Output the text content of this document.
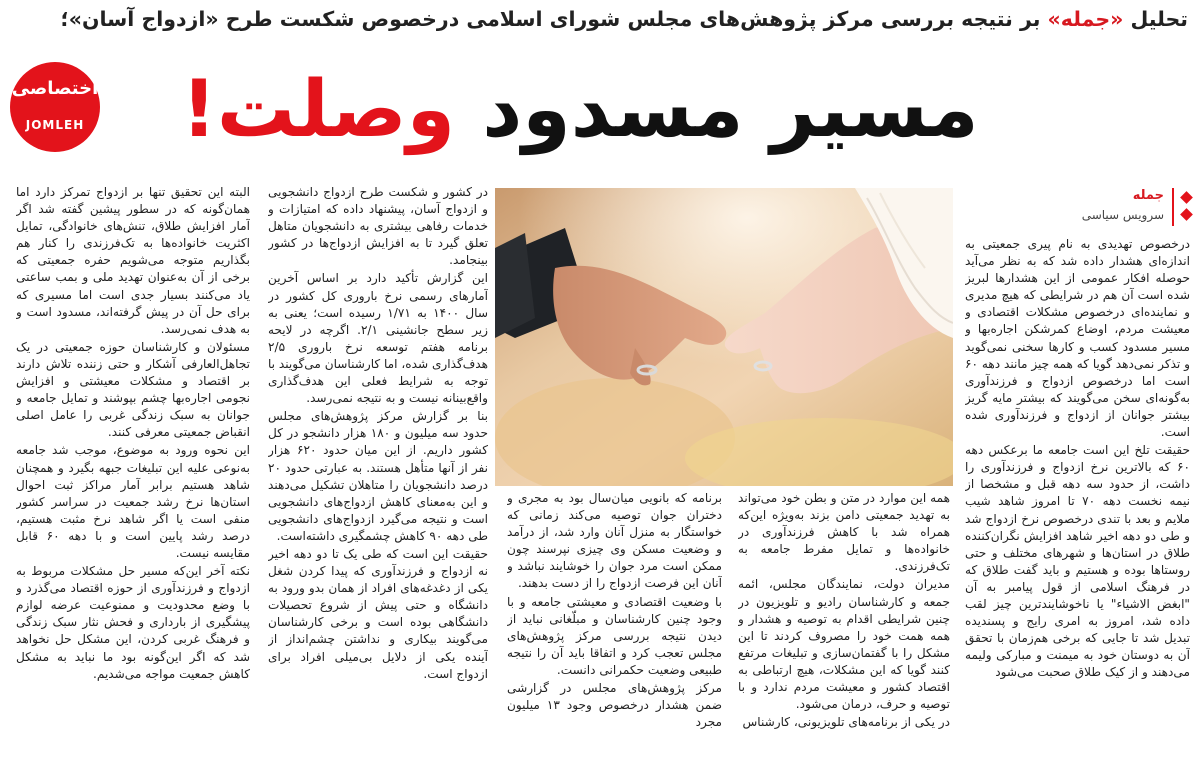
تحلیل «جمله» بر نتیجه بررسی مرکز پژوهش‌های مجلس شورای اسلامی درخصوص شکست طرح «ازدواج آسان»؛
مسیر مسدود وصلت!
اختصاصی
JOMLEH
جمله
سرویس سیاسی

درخصوص تهدیدی به نام پیری جمعیتی به اندازه‌ای هشدار داده شد که به نظر می‌آید حوصله افکار عمومی از این هشدارها لبریز شده است آن هم در شرایطی که هیچ مدیری و نماینده‌ای درخصوص مشکلات اقتصادی و معیشت مردم، اوضاع کمرشکن اجاره‌بها و مسیر مسدود کسب و کارها سخنی نمی‌گوید و تذکر نمی‌دهد گویا که همه چیز مانند دهه ۶۰ است اما درخصوص ازدواج و فرزندآوری به‌گونه‌ای سخن می‌گویند که بیشتر مایه گریز بیشتر جوانان از ازدواج و فرزندآوری شده است.

حقیقت تلخ این است جامعه ما برعکس دهه ۶۰ که بالاترین نرخ ازدواج و فرزندآوری را داشت، از حدود سه دهه قبل و مشخصا از نیمه نخست دهه ۷۰ تا امروز شاهد شیب ملایم و بعد با تندی درخصوص نرخ ازدواج شد و طی دو دهه اخیر شاهد افزایش نگران‌کننده طلاق در استان‌ها و شهرهای مختلف و حتی روستاها بوده و هستیم و باید گفت طلاق که در فرهنگ اسلامی از قول پیامبر به آن "ابغض الاشیاء" یا ناخوشایندترین چیز لقب داده شد، امروز به امری رایج و پسندیده تبدیل شد تا جایی که برخی هم‌زمان با تحقق آن به دوستان خود به میمنت و مبارکی ولیمه می‌دهند و از کیک طلاق صحبت می‌شود

همه این موارد در متن و بطن خود می‌تواند به تهدید جمعیتی دامن بزند به‌ویژه این‌که همراه شد با کاهش فرزندآوری در خانواده‌ها و تمایل مفرط جامعه به تک‌فرزندی.

مدیران دولت، نمایندگان مجلس، ائمه جمعه و کارشناسان رادیو و تلویزیون در چنین شرایطی اقدام به توصیه و هشدار و همه همت خود را مصروف کردند تا این مشکل را با گفتمان‌سازی و تبلیغات مرتفع کنند گویا که این مشکلات، هیچ ارتباطی به اقتصاد کشور و معیشت مردم ندارد و با توصیه و حرف، درمان می‌شود.

در یکی از برنامه‌های تلویزیونی، کارشناس

برنامه که بانویی میان‌سال بود به مجری و دختران جوان توصیه می‌کند زمانی که خواستگار به منزل آنان وارد شد، از درآمد و وضعیت مسکن وی چیزی نپرسند چون ممکن است مرد جوان را خوشایند نباشد و آنان این فرصت ازدواج را از دست بدهند.

با وضعیت اقتصادی و معیشتی جامعه و با وجود چنین کارشناسان و مبلّغانی نباید از دیدن نتیجه بررسی مرکز پژوهش‌های مجلس تعجب کرد و اتفاقا باید آن را نتیجه طبیعی وضعیت حکمرانی دانست.

مرکز پژوهش‌های مجلس در گزارشی ضمن هشدار درخصوص وجود ۱۳ میلیون مجرد

در کشور و شکست طرح ازدواج دانشجویی و ازدواج آسان، پیشنهاد داده که امتیازات و خدمات رفاهی بیشتری به دانشجویان متاهل تعلق گیرد تا به افزایش ازدواج‌ها در کشور بینجامد.

این گزارش تأکید دارد بر اساس آخرین آمارهای رسمی نرخ باروری کل کشور در سال ۱۴۰۰ به ۱/۷۱ رسیده است؛ یعنی به زیر سطح جانشینی ۲/۱. اگرچه در لایحه برنامه هفتم توسعه نرخ باروری ۲/۵ هدف‌گذاری شده، اما کارشناسان می‌گویند با توجه به شرایط فعلی این هدف‌گذاری واقع‌بینانه نیست و به نتیجه نمی‌رسد.

بنا بر گزارش مرکز پژوهش‌های مجلس حدود سه میلیون و ۱۸۰ هزار دانشجو در کل کشور داریم. از این میان حدود ۶۲۰ هزار نفر از آنها متأهل هستند. به عبارتی حدود ۲۰ درصد دانشجویان را متاهلان تشکیل می‌دهند و این به‌معنای کاهش ازدواج‌های دانشجویی است و نتیجه می‌گیرد ازدواج‌های دانشجویی طی دهه ۹۰ کاهش چشمگیری داشته‌است.

حقیقت این است که طی یک تا دو دهه اخیر نه ازدواج و فرزندآوری که پیدا کردن شغل یکی از دغدغه‌های افراد از همان بدو ورود به دانشگاه و حتی پیش از شروع تحصیلات دانشگاهی بوده است و برخی کارشناسان می‌گویند بیکاری و نداشتن چشم‌انداز از آینده یکی از دلایل بی‌میلی افراد برای ازدواج است.

البته این تحقیق تنها بر ازدواج تمرکز دارد اما همان‌گونه که در سطور پیشین گفته شد اگر آمار افزایش طلاق، تنش‌های خانوادگی، تمایل اکثریت خانواده‌ها به تک‌فرزندی را کنار هم بگذاریم متوجه می‌شویم حفره جمعیتی که برخی از آن به‌عنوان تهدید ملی و بمب ساعتی یاد می‌کنند بسیار جدی است اما مسیری که برای حل آن در پیش گرفته‌اند، مسدود است و به هدف نمی‌رسد.

مسئولان و کارشناسان حوزه جمعیتی در یک تجاهل‌العارفی آشکار و حتی زننده تلاش دارند بر اقتصاد و مشکلات معیشتی و افزایش نجومی اجاره‌بها چشم بپوشند و تمایل جامعه و جوانان به سبک زندگی غربی را عامل اصلی انقباض جمعیتی معرفی کنند.

این نحوه ورود به موضوع، موجب شد جامعه به‌نوعی علیه این تبلیغات جبهه بگیرد و همچنان شاهد هستیم برابر آمار مراکز ثبت احوال استان‌ها نرخ رشد جمعیت در سراسر کشور منفی است یا اگر شاهد نرخ مثبت هستیم، درصد رشد پایین است و با دهه ۶۰ قابل مقایسه نیست.

نکته آخر این‌که مسیر حل مشکلات مربوط به ازدواج و فرزندآوری از حوزه اقتصاد می‌گذرد و با وضع محدودیت و ممنوعیت عرضه لوازم پیشگیری از بارداری و فحش نثار سبک زندگی و فرهنگ غربی کردن، این مشکل حل نخواهد شد که اگر این‌گونه بود ما نباید به مشکل کاهش جمعیت مواجه می‌شدیم.
